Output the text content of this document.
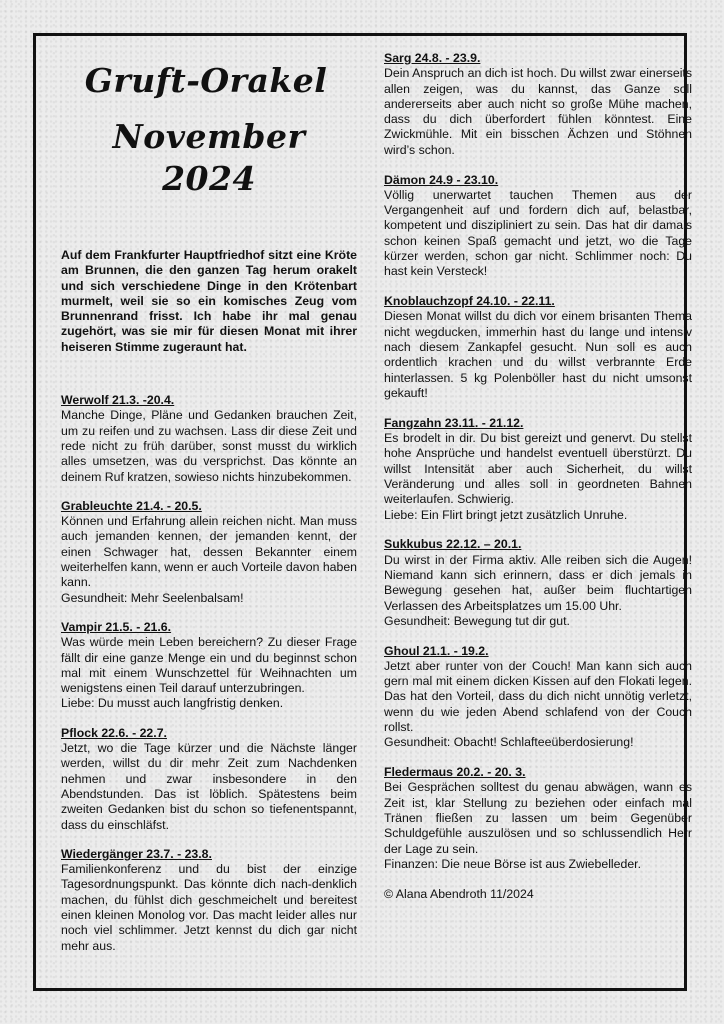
Gruft-Orakel
November 2024
Auf dem Frankfurter Hauptfriedhof sitzt eine Kröte am Brunnen, die den ganzen Tag herum orakelt und sich verschiedene Dinge in den Krötenbart murmelt, weil sie so ein komisches Zeug vom Brunnenrand frisst. Ich habe ihr mal genau zugehört, was sie mir für diesen Monat mit ihrer heiseren Stimme zugeraunt hat.
Werwolf 21.3. -20.4.
Manche Dinge, Pläne und Gedanken brauchen Zeit, um zu reifen und zu wachsen. Lass dir diese Zeit und rede nicht zu früh darüber, sonst musst du wirklich alles umsetzen, was du versprichst. Das könnte an deinem Ruf kratzen, sowieso nichts hinzubekommen.
Grableuchte 21.4. - 20.5.
Können und Erfahrung allein reichen nicht. Man muss auch jemanden kennen, der jemanden kennt, der einen Schwager hat, dessen Bekannter einem weiterhelfen kann, wenn er auch Vorteile davon haben kann.
Gesundheit: Mehr Seelenbalsam!
Vampir 21.5. - 21.6.
Was würde mein Leben bereichern? Zu dieser Frage fällt dir eine ganze Menge ein und du beginnst schon mal mit einem Wunschzettel für Weihnachten um wenigstens einen Teil darauf unterzubringen.
Liebe: Du musst auch langfristig denken.
Pflock 22.6. - 22.7.
Jetzt, wo die Tage kürzer und die Nächste länger werden, willst du dir mehr Zeit zum Nachdenken nehmen und zwar insbesondere in den Abendstunden. Das ist löblich. Spätestens beim zweiten Gedanken bist du schon so tiefenentspannt, dass du einschläfst.
Wiedergänger 23.7. - 23.8.
Familienkonferenz und du bist der einzige Tagesordnungspunkt. Das könnte dich nach-denklich machen, du fühlst dich geschmeichelt und bereitest einen kleinen Monolog vor. Das macht leider alles nur noch viel schlimmer. Jetzt kennst du dich gar nicht mehr aus.
Sarg 24.8. - 23.9.
Dein Anspruch an dich ist hoch. Du willst zwar einerseits allen zeigen, was du kannst, das Ganze soll andererseits aber auch nicht so große Mühe machen, dass du dich überfordert fühlen könntest. Eine Zwickmühle. Mit ein bisschen Ächzen und Stöhnen wird’s schon.
Dämon 24.9 - 23.10.
Völlig unerwartet tauchen Themen aus der Vergangenheit auf und fordern dich auf, belastbar, kompetent und diszipliniert zu sein. Das hat dir damals schon keinen Spaß gemacht und jetzt, wo die Tage kürzer werden, schon gar nicht. Schlimmer noch: Du hast kein Versteck!
Knoblauchzopf 24.10. - 22.11.
Diesen Monat willst du dich vor einem brisanten Thema nicht wegducken, immerhin hast du lange und intensiv nach diesem Zankapfel gesucht. Nun soll es auch ordentlich krachen und du willst verbrannte Erde hinterlassen. 5 kg Polenböller hast du nicht umsonst gekauft!
Fangzahn 23.11. - 21.12.
Es brodelt in dir. Du bist gereizt und genervt. Du stellst hohe Ansprüche und handelst eventuell überstürzt. Du willst Intensität aber auch Sicherheit, du willst Veränderung und alles soll in geordneten Bahnen weiterlaufen. Schwierig.
Liebe: Ein Flirt bringt jetzt zusätzlich Unruhe.
Sukkubus 22.12. – 20.1.
Du wirst in der Firma aktiv. Alle reiben sich die Augen! Niemand kann sich erinnern, dass er dich jemals in Bewegung gesehen hat, außer beim fluchtartigen Verlassen des Arbeitsplatzes um 15.00 Uhr.
Gesundheit: Bewegung tut dir gut.
Ghoul 21.1. - 19.2.
Jetzt aber runter von der Couch! Man kann sich auch gern mal mit einem dicken Kissen auf den Flokati legen. Das hat den Vorteil, dass du dich nicht unnötig verletzt, wenn du wie jeden Abend schlafend von der Couch rollst.
Gesundheit: Obacht! Schlafteeüberdosierung!
Fledermaus 20.2. - 20. 3.
Bei Gesprächen solltest du genau abwägen, wann es Zeit ist, klar Stellung zu beziehen oder einfach mal Tränen fließen zu lassen um beim Gegenüber Schuldgefühle auszulösen und so schlussendlich Herr der Lage zu sein.
Finanzen: Die neue Börse ist aus Zwiebelleder.
© Alana Abendroth 11/2024
